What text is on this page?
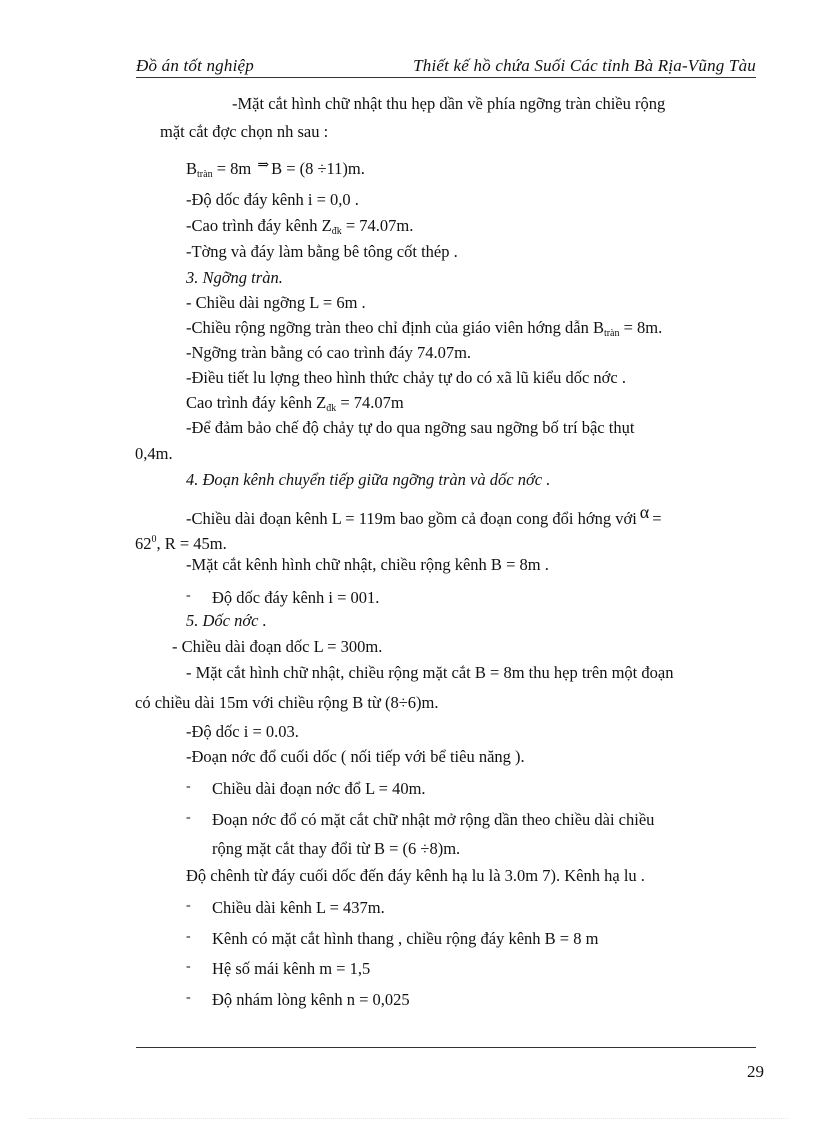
Đồ án tốt nghiệp	Thiết kế hồ chứa Suối Các tỉnh Bà Rịa-Vũng Tàu
-Mặt cắt hình chữ nhật thu hẹp dần về phía ngỡng tràn chiều rộng
mặt cắt đợc chọn nh sau :
$B_{tràn} = 8m$ ⇒ B = (8 ÷11)m.
-Độ dốc đáy kênh i = 0,0 .
-Cao trình đáy kênh $Z_{đk} = 74.07m$.
-Tờng và đáy làm bằng bê tông cốt thép .
3. Ngỡng tràn.
- Chiều dài ngỡng L = 6m .
-Chiều rộng ngỡng tràn theo chỉ định của giáo viên hớng dẫn $B_{tràn} = 8m$.
-Ngỡng tràn bằng có cao trình đáy 74.07m.
-Điều tiết lu lợng theo hình thức chảy tự do có xã lũ kiểu dốc nớc .
Cao trình đáy kênh $Z_{đk} = 74.07m$
-Để đảm bảo chế độ chảy tự do qua ngỡng sau ngỡng bố trí bậc thụt
0,4m.
4. Đoạn kênh chuyển tiếp giữa ngỡng tràn và dốc nớc .
-Chiều dài đoạn kênh L = 119m bao gồm cả đoạn cong đổi hớng với α =
$62^0$, R = 45m.
-Mặt cắt kênh hình chữ nhật, chiều rộng kênh B = 8m .
- Độ dốc đáy kênh i = 001.
5. Dốc nớc .
- Chiều dài đoạn dốc L = 300m.
- Mặt cắt hình chữ nhật, chiều rộng mặt cắt B = 8m thu hẹp trên một đoạn
có chiều dài 15m với chiều rộng B từ (8÷6)m.
-Độ dốc i = 0.03.
-Đoạn nớc đổ cuối dốc ( nối tiếp với bể tiêu năng ).
- Chiều dài đoạn nớc đổ L = 40m.
- Đoạn nớc đổ có mặt cắt chữ nhật mở rộng dần theo chiều dài chiều
rộng mặt cắt thay đổi từ B = (6 ÷8)m.
Độ chênh từ đáy cuối dốc đến đáy kênh hạ lu là 3.0m 7). Kênh hạ lu .
- Chiều dài kênh L = 437m.
- Kênh có mặt cắt hình thang , chiều rộng đáy kênh B = 8 m
- Hệ số mái kênh m = 1,5
- Độ nhám lòng kênh n = 0,025
29
